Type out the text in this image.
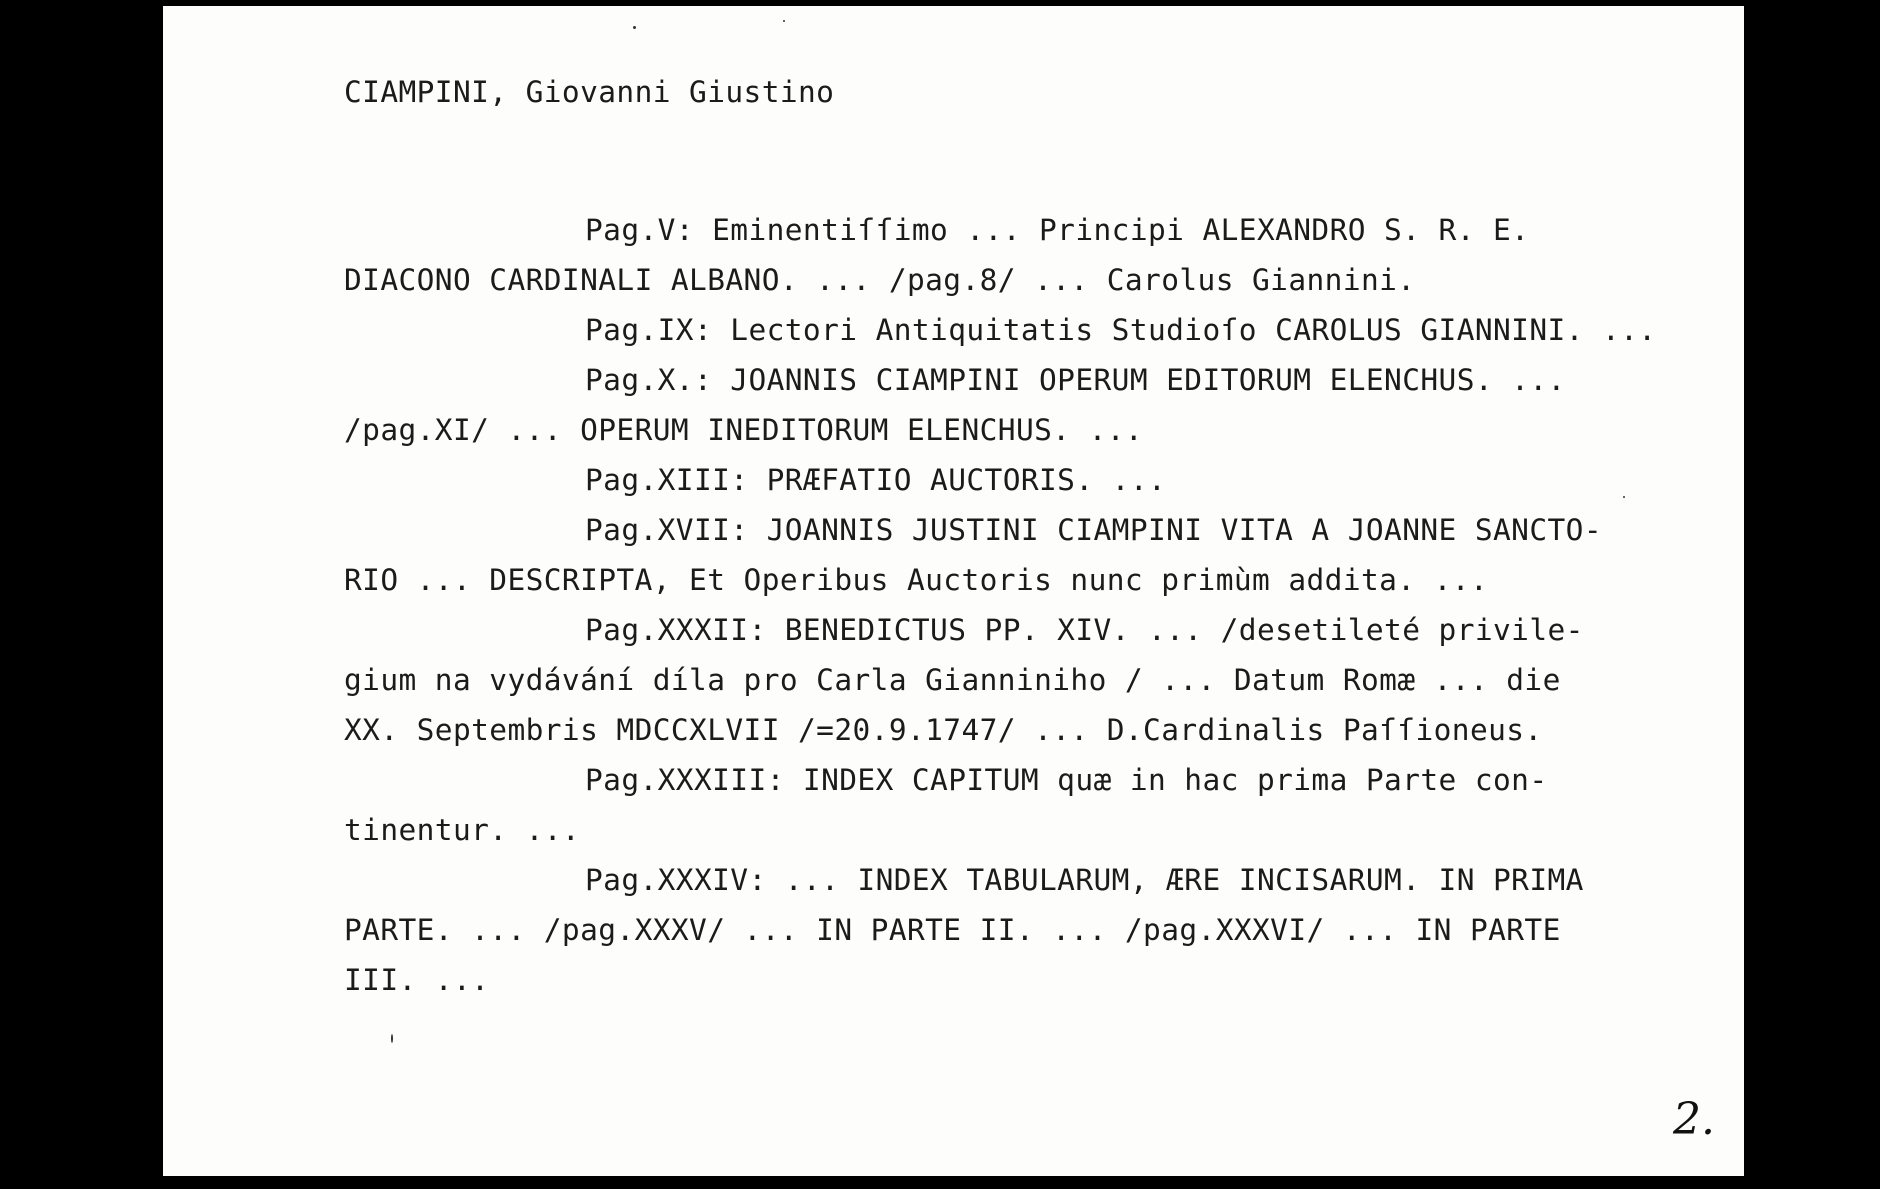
CIAMPINI, Giovanni Giustino
Pag.V: Eminentiſſimo ... Principi ALEXANDRO S. R. E.
DIACONO CARDINALI ALBANO. ... /pag.8/ ... Carolus Giannini.
Pag.IX: Lectori Antiquitatis Studioſo CAROLUS GIANNINI. ...
Pag.X.: JOANNIS CIAMPINI OPERUM EDITORUM ELENCHUS. ...
/pag.XI/ ... OPERUM INEDITORUM ELENCHUS. ...
Pag.XIII: PRÆFATIO AUCTORIS. ...
Pag.XVII: JOANNIS JUSTINI CIAMPINI VITA A JOANNE SANCTO-
RIO ... DESCRIPTA, Et Operibus Auctoris nunc primùm addita. ...
Pag.XXXII: BENEDICTUS PP. XIV. ... /desetileté privile-
gium na vydávání díla pro Carla Gianniniho / ... Datum Romæ ... die
XX. Septembris MDCCXLVII /=20.9.1747/ ... D.Cardinalis Paſſioneus.
Pag.XXXIII: INDEX CAPITUM quæ in hac prima Parte con-
tinentur. ...
Pag.XXXIV: ... INDEX TABULARUM, ÆRE INCISARUM. IN PRIMA
PARTE. ... /pag.XXXV/ ... IN PARTE II. ... /pag.XXXVI/ ... IN PARTE
III. ...
2.
